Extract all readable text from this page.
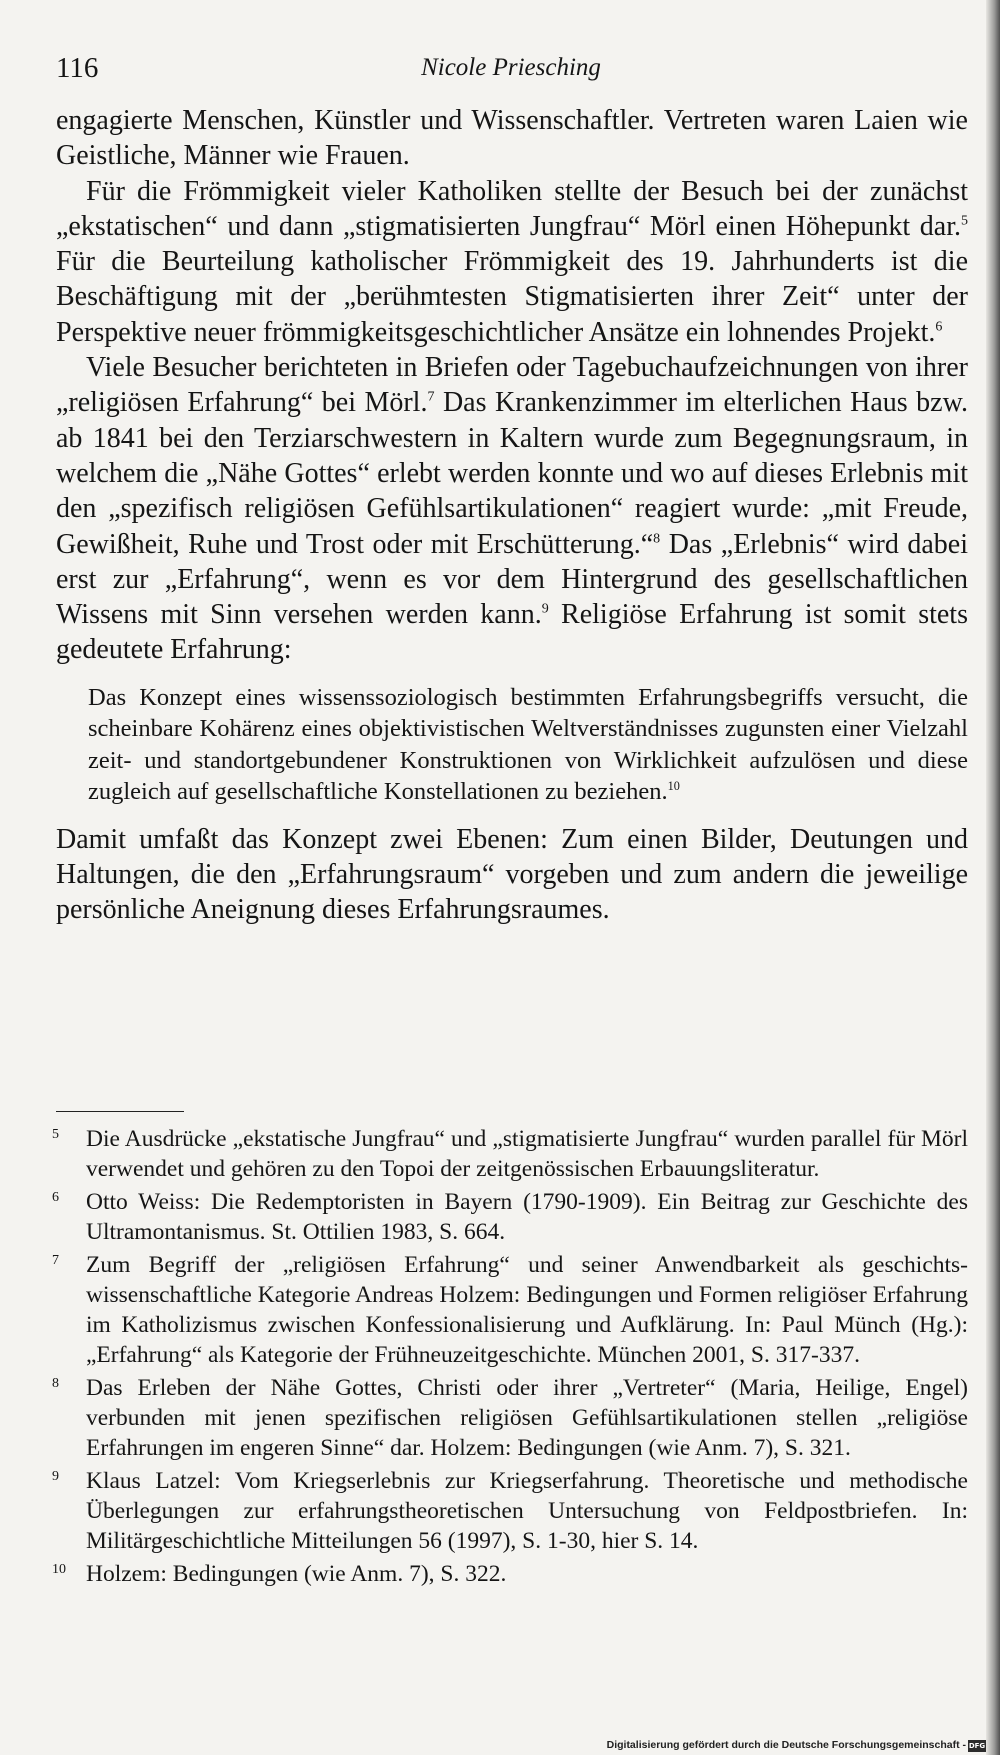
116	Nicole Priesching

engagierte Menschen, Künstler und Wissenschaftler. Vertreten waren Laien wie Geistliche, Männer wie Frauen.

Für die Frömmigkeit vieler Katholiken stellte der Besuch bei der zunächst „ekstatischen“ und dann „stigmatisierten Jungfrau“ Mörl einen Höhepunkt dar.$^5$ Für die Beurteilung katholischer Frömmigkeit des 19. Jahrhunderts ist die Beschäftigung mit der „berühmtesten Stigmatisierten ihrer Zeit“ unter der Perspektive neuer frömmigkeitsgeschichtlicher Ansätze ein lohnendes Projekt.$^6$

Viele Besucher berichteten in Briefen oder Tagebuchaufzeichnungen von ihrer „religiösen Erfahrung“ bei Mörl.$^7$ Das Krankenzimmer im elterlichen Haus bzw. ab 1841 bei den Terziarschwestern in Kaltern wurde zum Begegnungsraum, in welchem die „Nähe Gottes“ erlebt werden konnte und wo auf dieses Erlebnis mit den „spezifisch religiösen Gefühlsartikulationen“ reagiert wurde: „mit Freude, Gewißheit, Ruhe und Trost oder mit Erschütterung.“$^8$ Das „Erlebnis“ wird dabei erst zur „Erfahrung“, wenn es vor dem Hintergrund des gesellschaftlichen Wissens mit Sinn versehen werden kann.$^9$ Religiöse Erfahrung ist somit stets gedeutete Erfahrung:

Das Konzept eines wissenssoziologisch bestimmten Erfahrungsbegriffs versucht, die scheinbare Kohärenz eines objektivistischen Weltverständnisses zugunsten einer Vielzahl zeit- und standortgebundener Konstruktionen von Wirklichkeit aufzulösen und diese zugleich auf gesellschaftliche Konstellationen zu beziehen.$^{10}$

Damit umfaßt das Konzept zwei Ebenen: Zum einen Bilder, Deutungen und Haltungen, die den „Erfahrungsraum“ vorgeben und zum andern die jeweilige persönliche Aneignung dieses Erfahrungsraumes.

5	Die Ausdrücke „ekstatische Jungfrau“ und „stigmatisierte Jungfrau“ wurden parallel für Mörl verwendet und gehören zu den Topoi der zeitgenössischen Erbauungsliteratur.
6	Otto Weiss: Die Redemptoristen in Bayern (1790-1909). Ein Beitrag zur Geschichte des Ultramontanismus. St. Ottilien 1983, S. 664.
7	Zum Begriff der „religiösen Erfahrung“ und seiner Anwendbarkeit als geschichtswissenschaftliche Kategorie Andreas Holzem: Bedingungen und Formen religiöser Erfahrung im Katholizismus zwischen Konfessionalisierung und Aufklärung. In: Paul Münch (Hg.): „Erfahrung“ als Kategorie der Frühneuzeitgeschichte. München 2001, S. 317-337.
8	Das Erleben der Nähe Gottes, Christi oder ihrer „Vertreter“ (Maria, Heilige, Engel) verbunden mit jenen spezifischen religiösen Gefühlsartikulationen stellen „religiöse Erfahrungen im engeren Sinne“ dar. Holzem: Bedingungen (wie Anm. 7), S. 321.
9	Klaus Latzel: Vom Kriegserlebnis zur Kriegserfahrung. Theoretische und methodische Überlegungen zur erfahrungstheoretischen Untersuchung von Feldpostbriefen. In: Militärgeschichtliche Mitteilungen 56 (1997), S. 1-30, hier S. 14.
10 Holzem: Bedingungen (wie Anm. 7), S. 322.
Digitalisierung gefördert durch die Deutsche Forschungsgemeinschaft - DFG
